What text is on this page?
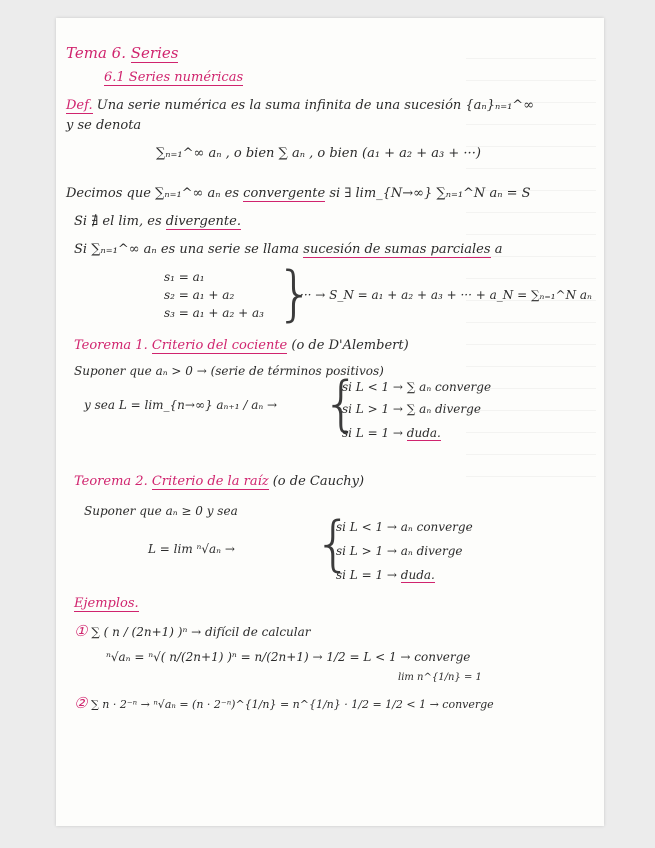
Tema 6. Series
6.1 Series numéricas
Def. Una serie numérica es la suma infinita de una sucesión {aₙ}ₙ₌₁^∞
y se denota
∑ₙ₌₁^∞ aₙ , o bien ∑ aₙ , o bien (a₁ + a₂ + a₃ + ···)
Decimos que ∑ₙ₌₁^∞ aₙ es convergente si ∃ lim_{N→∞} ∑ₙ₌₁^N aₙ = S
Si ∄ el lim, es divergente.
Si ∑ₙ₌₁^∞ aₙ es una serie se llama sucesión de sumas parciales a
s₁ = a₁
s₂ = a₁ + a₂
s₃ = a₁ + a₂ + a₃ }
··· → S_N = a₁ + a₂ + a₃ + ··· + a_N = ∑ₙ₌₁^N aₙ
Teorema 1. Criterio del cociente (o de D'Alembert)
Suponer que aₙ > 0 → (serie de términos positivos)
y sea L = lim_{n→∞} aₙ₊₁ / aₙ → }
si L < 1 → ∑ aₙ converge
si L > 1 → ∑ aₙ diverge
si L = 1 → duda.
Teorema 2. Criterio de la raíz (o de Cauchy)
Suponer que aₙ ≥ 0 y sea
L = lim ⁿ√aₙ → }
si L < 1 → aₙ converge
si L > 1 → aₙ diverge
si L = 1 → duda.
Ejemplos.
① ∑ ( n / (2n+1) )ⁿ → difícil de calcular
ⁿ√aₙ = ⁿ√( n/(2n+1) )ⁿ = n/(2n+1) → 1/2 = L < 1 → converge
lim n^{1/n} = 1
② ∑ n · 2⁻ⁿ → ⁿ√aₙ = (n · 2⁻ⁿ)^{1/n} = n^{1/n} · 1/2 = 1/2 < 1 → converge
